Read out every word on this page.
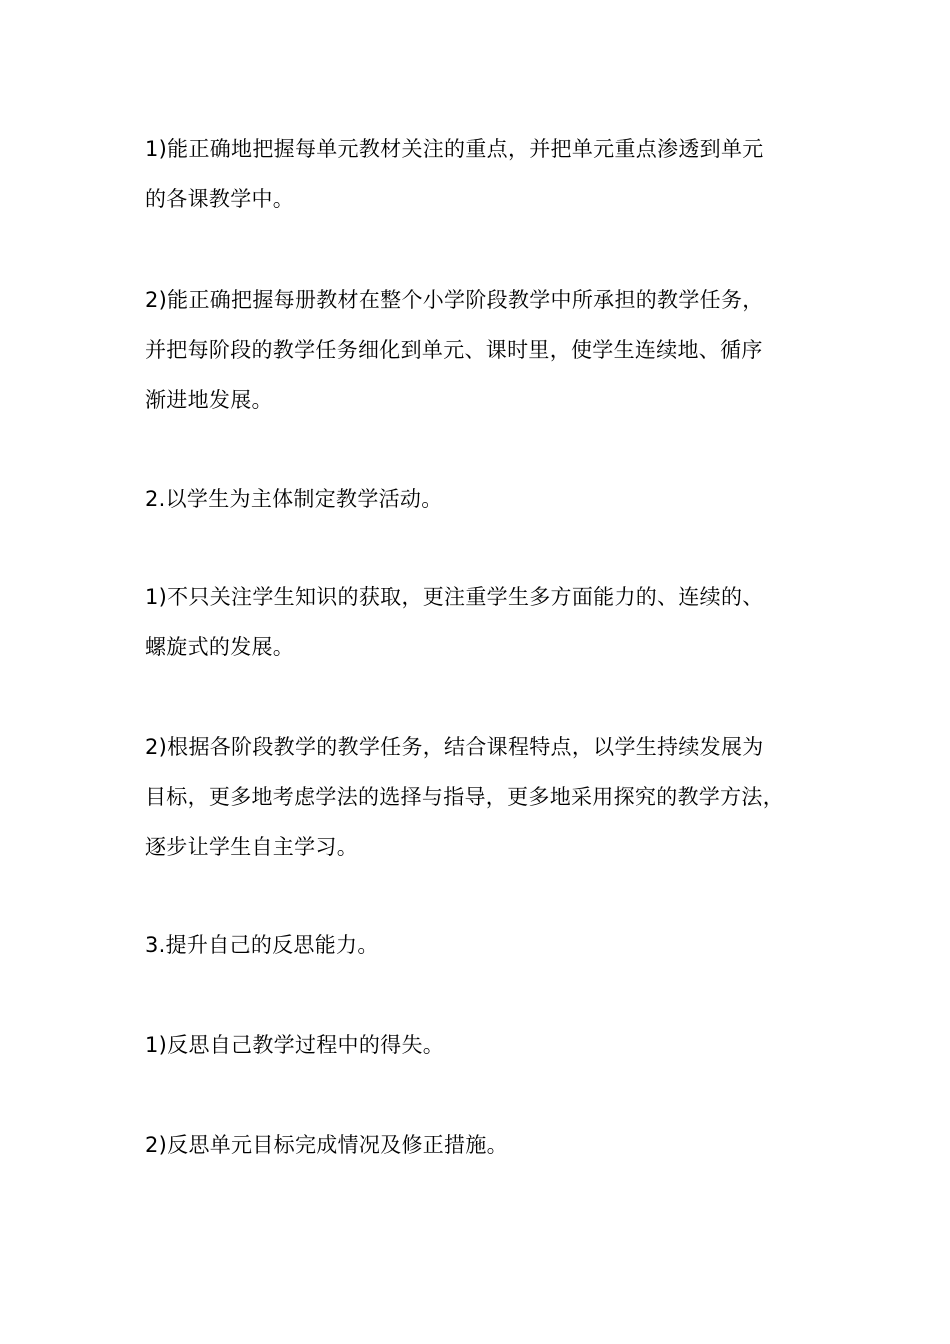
1)能正确地把握每单元教材关注的重点，并把单元重点渗透到单元
的各课教学中。

2)能正确把握每册教材在整个小学阶段教学中所承担的教学任务，
并把每阶段的教学任务细化到单元、课时里，使学生连续地、循序
渐进地发展。

2.以学生为主体制定教学活动。

1)不只关注学生知识的获取，更注重学生多方面能力的、连续的、
螺旋式的发展。

2)根据各阶段教学的教学任务，结合课程特点，以学生持续发展为
目标，更多地考虑学法的选择与指导，更多地采用探究的教学方法，
逐步让学生自主学习。

3.提升自己的反思能力。

1)反思自己教学过程中的得失。

2)反思单元目标完成情况及修正措施。
